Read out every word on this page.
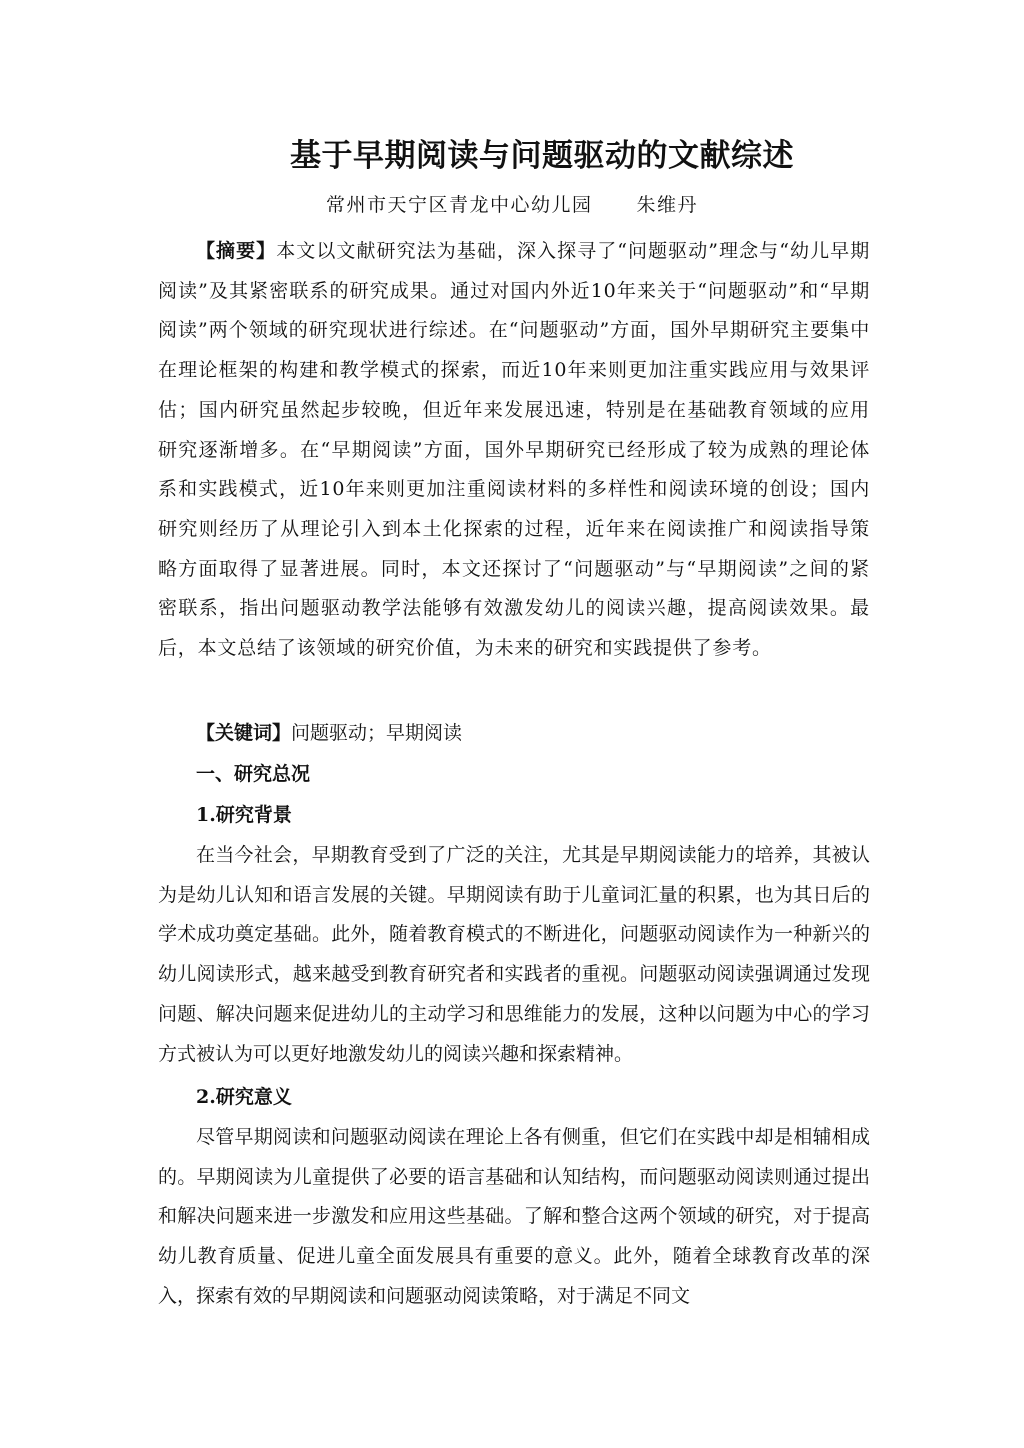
基于早期阅读与问题驱动的文献综述
常州市天宁区青龙中心幼儿园 朱维丹

【摘要】本文以文献研究法为基础，深入探寻了“问题驱动”理念与“幼儿早期阅读”及其紧密联系的研究成果。通过对国内外近10年来关于“问题驱动”和“早期阅读”两个领域的研究现状进行综述。在“问题驱动”方面，国外早期研究主要集中在理论框架的构建和教学模式的探索，而近10年来则更加注重实践应用与效果评估；国内研究虽然起步较晚，但近年来发展迅速，特别是在基础教育领域的应用研究逐渐增多。在“早期阅读”方面，国外早期研究已经形成了较为成熟的理论体系和实践模式，近10年来则更加注重阅读材料的多样性和阅读环境的创设；国内研究则经历了从理论引入到本土化探索的过程，近年来在阅读推广和阅读指导策略方面取得了显著进展。同时，本文还探讨了“问题驱动”与“早期阅读”之间的紧密联系，指出问题驱动教学法能够有效激发幼儿的阅读兴趣，提高阅读效果。最后，本文总结了该领域的研究价值，为未来的研究和实践提供了参考。

【关键词】问题驱动；早期阅读

一、研究总况

1.研究背景

在当今社会，早期教育受到了广泛的关注，尤其是早期阅读能力的培养，其被认为是幼儿认知和语言发展的关键。早期阅读有助于儿童词汇量的积累，也为其日后的学术成功奠定基础。此外，随着教育模式的不断进化，问题驱动阅读作为一种新兴的幼儿阅读形式，越来越受到教育研究者和实践者的重视。问题驱动阅读强调通过发现问题、解决问题来促进幼儿的主动学习和思维能力的发展，这种以问题为中心的学习方式被认为可以更好地激发幼儿的阅读兴趣和探索精神。

2.研究意义

尽管早期阅读和问题驱动阅读在理论上各有侧重，但它们在实践中却是相辅相成的。早期阅读为儿童提供了必要的语言基础和认知结构，而问题驱动阅读则通过提出和解决问题来进一步激发和应用这些基础。了解和整合这两个领域的研究，对于提高幼儿教育质量、促进儿童全面发展具有重要的意义。此外，随着全球教育改革的深入，探索有效的早期阅读和问题驱动阅读策略，对于满足不同文
